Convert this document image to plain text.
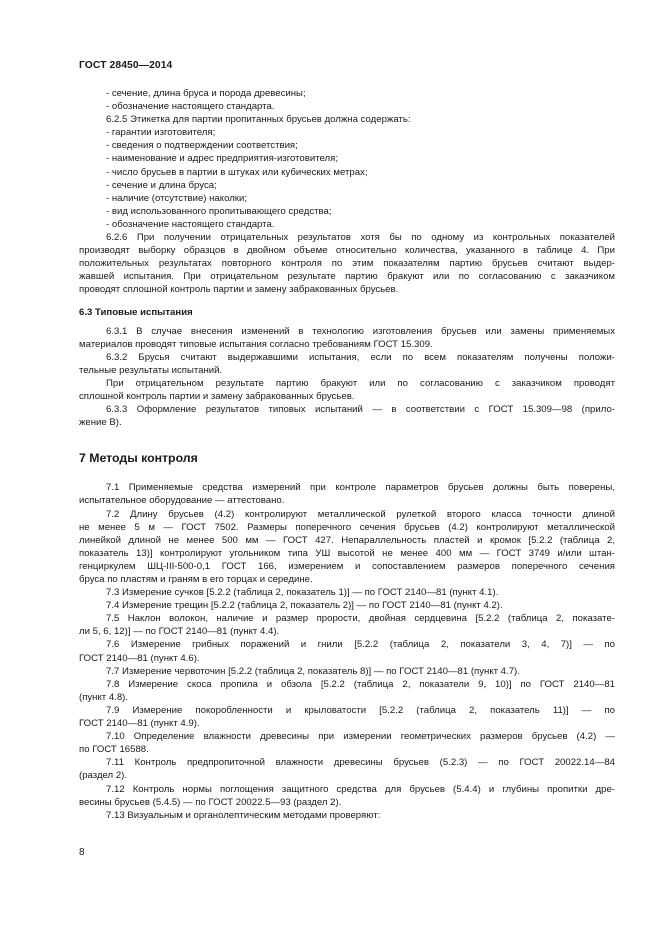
ГОСТ 28450—2014
- сечение, длина бруса и порода древесины;
- обозначение настоящего стандарта.
6.2.5 Этикетка для партии пропитанных брусьев должна содержать:
- гарантии изготовителя;
- сведения о подтверждении соответствия;
- наименование и адрес предприятия-изготовителя;
- число брусьев в партии в штуках или кубических метрах;
- сечение и длина бруса;
- наличие (отсутствие) наколки;
- вид использованного пропитывающего средства;
- обозначение настоящего стандарта.
6.2.6 При получении отрицательных результатов хотя бы по одному из контрольных показателей
производят выборку образцов в двойном объеме относительно количества, указанного в таблице 4. При
положительных результатах повторного контроля по этим показателям партию брусьев считают выдер-
жавшей испытания. При отрицательном результате партию бракуют или по согласованию с заказчиком
проводят сплошной контроль партии и замену забракованных брусьев.
6.3 Типовые испытания
6.3.1 В случае внесения изменений в технологию изготовления брусьев или замены применяемых
материалов проводят типовые испытания согласно требованиям ГОСТ 15.309.
6.3.2 Брусья считают выдержавшими испытания, если по всем показателям получены положи-
тельные результаты испытаний.
При отрицательном результате партию бракуют или по согласованию с заказчиком проводят
сплошной контроль партии и замену забракованных брусьев.
6.3.3 Оформление результатов типовых испытаний — в соответствии с ГОСТ 15.309—98 (прило-
жение В).
7 Методы контроля
7.1 Применяемые средства измерений при контроле параметров брусьев должны быть поверены,
испытательное оборудование — аттестовано.
7.2 Длину брусьев (4.2) контролируют металлической рулеткой второго класса точности длиной
не менее 5 м — ГОСТ 7502. Размеры поперечного сечения брусьев (4.2) контролируют металлической
линейкой длиной не менее 500 мм — ГОСТ 427. Непараллельность пластей и кромок [5.2.2 (таблица 2,
показатель 13)] контролируют угольником типа УШ высотой не менее 400 мм — ГОСТ 3749 и/или штан-
генциркулем ШЦ-III-500-0,1 ГОСТ 166, измерением и сопоставлением размеров поперечного сечения
бруса по пластям и граням в его торцах и середине.
7.3 Измерение сучков [5.2.2 (таблица 2, показатель 1)] — по ГОСТ 2140—81 (пункт 4.1).
7.4 Измерение трещин [5.2.2 (таблица 2, показатель 2)] — по ГОСТ 2140—81 (пункт 4.2).
7.5 Наклон волокон, наличие и размер прорости, двойная сердцевина [5.2.2 (таблица 2, показате-
ли 5, 6, 12)] — по ГОСТ 2140—81 (пункт 4.4).
7.6 Измерение грибных поражений и гнили [5.2.2 (таблица 2, показатели 3, 4, 7)] — по
ГОСТ 2140—81 (пункт 4.6).
7.7 Измерение червоточин [5.2.2 (таблица 2, показатель 8)] — по ГОСТ 2140—81 (пункт 4.7).
7.8 Измерение скоса пропила и обзола [5.2.2 (таблица 2, показатели 9, 10)] по ГОСТ 2140—81
(пункт 4.8).
7.9 Измерение покоробленности и крыловатости [5.2.2 (таблица 2, показатель 11)] — по
ГОСТ 2140—81 (пункт 4.9).
7.10 Определение влажности древесины при измерении геометрических размеров брусьев (4.2) —
по ГОСТ 16588.
7.11 Контроль предпропиточной влажности древесины брусьев (5.2.3) — по ГОСТ 20022.14—84
(раздел 2).
7.12 Контроль нормы поглощения защитного средства для брусьев (5.4.4) и глубины пропитки дре-
весины брусьев (5.4.5) — по ГОСТ 20022.5—93 (раздел 2).
7.13 Визуальным и органолептическим методами проверяют:
8
